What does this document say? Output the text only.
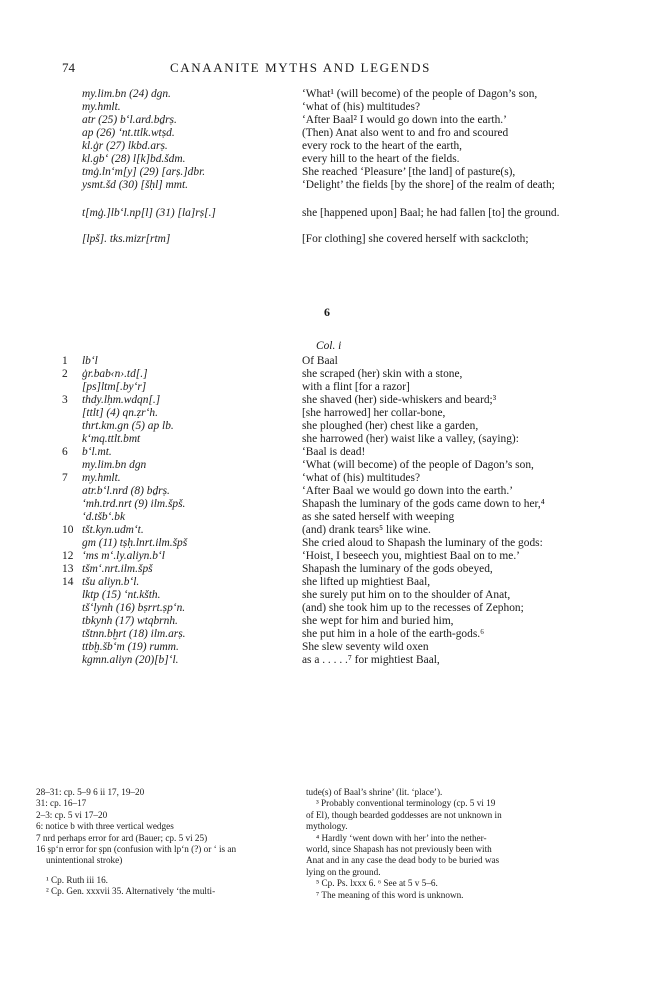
74	CANAANITE MYTHS AND LEGENDS
my.lim.bn (24) dgn.	‘What¹ (will become) of the people of Dagon’s son,
my.hmlt.	‘what of (his) multitudes?
atr (25) b‘l.ard.bḏrṣ.	‘After Baal² I would go down into the earth.’
ap (26) ‘nt.ttlk.wtṣd.	(Then) Anat also went to and fro and scoured
kl.ġr (27) lkbd.arṣ.	every rock to the heart of the earth,
kl.gb‘ (28) l[k]bd.šdm.	every hill to the heart of the fields.
tmġ.ln‘m[y] (29) [arṣ.]dbr.	She reached ‘Pleasure’ [the land] of pasture(s),
ysmt.šd (30) [šḥl] mmt.	‘Delight’ the fields [by the shore] of the realm of death;
t[mġ.]lb‘l.np[l] (31) [la]rṣ[.]	she [happened upon] Baal; he had fallen [to] the ground.
[lpš]. tks.mizr[rtm]	[For clothing] she covered herself with sackcloth;
1	lb‘l	Of Baal
2	ġr.bab‹n›.td[.]	she scraped (her) skin with a stone,
[ps]ltm[.by‘r]	with a flint [for a razor]
3	thdy.lḥm.wdqn[.]	she shaved (her) side-whiskers and beard;³
[ttlt] (4) qn.ẓr‘h.	[she harrowed] her collar-bone,
thrt.km.gn (5) ap lb.	she ploughed (her) chest like a garden,
k‘mq.ttlt.bmt	she harrowed (her) waist like a valley, (saying):
6	b‘l.mt.	‘Baal is dead!
my.lim.bn dgn	‘What (will become) of the people of Dagon’s son,
7	my.hmlt.	‘what of (his) multitudes?
atr.b‘l.nrd (8) bḏrṣ.	‘After Baal we would go down into the earth.’
‘mh.trd.nrt (9) ilm.špš.	Shapash the luminary of the gods came down to her,⁴
‘d.tšb‘.bk	as she sated herself with weeping
10 tšt.kyn.udm‘t.	(and) drank tears⁵ like wine.
gm (11) tṣḥ.lnrt.ilm.špš	She cried aloud to Shapash the luminary of the gods:
12 ‘ms m‘.ly.aliyn.b‘l	‘Hoist, I beseech you, mightiest Baal on to me.’
13 tšm‘.nrt.ilm.špš	Shapash the luminary of the gods obeyed,
14 tšu aliyn.b‘l.	she lifted up mightiest Baal,
lktp (15) ‘nt.kšth.	she surely put him on to the shoulder of Anat,
tš‘lynh (16) bṣrrt.ṣp‘n.	(and) she took him up to the recesses of Zephon;
tbkynh (17) wtqbrnh.	she wept for him and buried him,
tštnn.bḫrt (18) ilm.arṣ.	she put him in a hole of the earth-gods.⁶
ttbḫ.šb‘m (19) rumm.	She slew seventy wild oxen
kgmn.aliyn (20)[b]‘l.	as a . . . . .⁷ for mightiest Baal,
6
Col. i
28–31: cp. 5–9 6 ii 17, 19–20
31: cp. 16–17
2–3: cp. 5 vi 17–20
6: notice b with three vertical wedges
7 nrd perhaps error for ard (Bauer; cp. 5 vi 25)
16 ṣp‘n error for ṣpn (confusion with lp‘n (?) or ‘ is an
unintentional stroke)
¹ Cp. Ruth iii 16.
² Cp. Gen. xxxvii 35. Alternatively ‘the multi-
tude(s) of Baal’s shrine’ (lit. ‘place’).
³ Probably conventional terminology (cp. 5 vi 19
of El), though bearded goddesses are not unknown in
mythology.
⁴ Hardly ‘went down with her’ into the nether-
world, since Shapash has not previously been with
Anat and in any case the dead body to be buried was
lying on the ground.
⁵ Cp. Ps. lxxx 6. ⁶ See at 5 v 5–6.
⁷ The meaning of this word is unknown.
